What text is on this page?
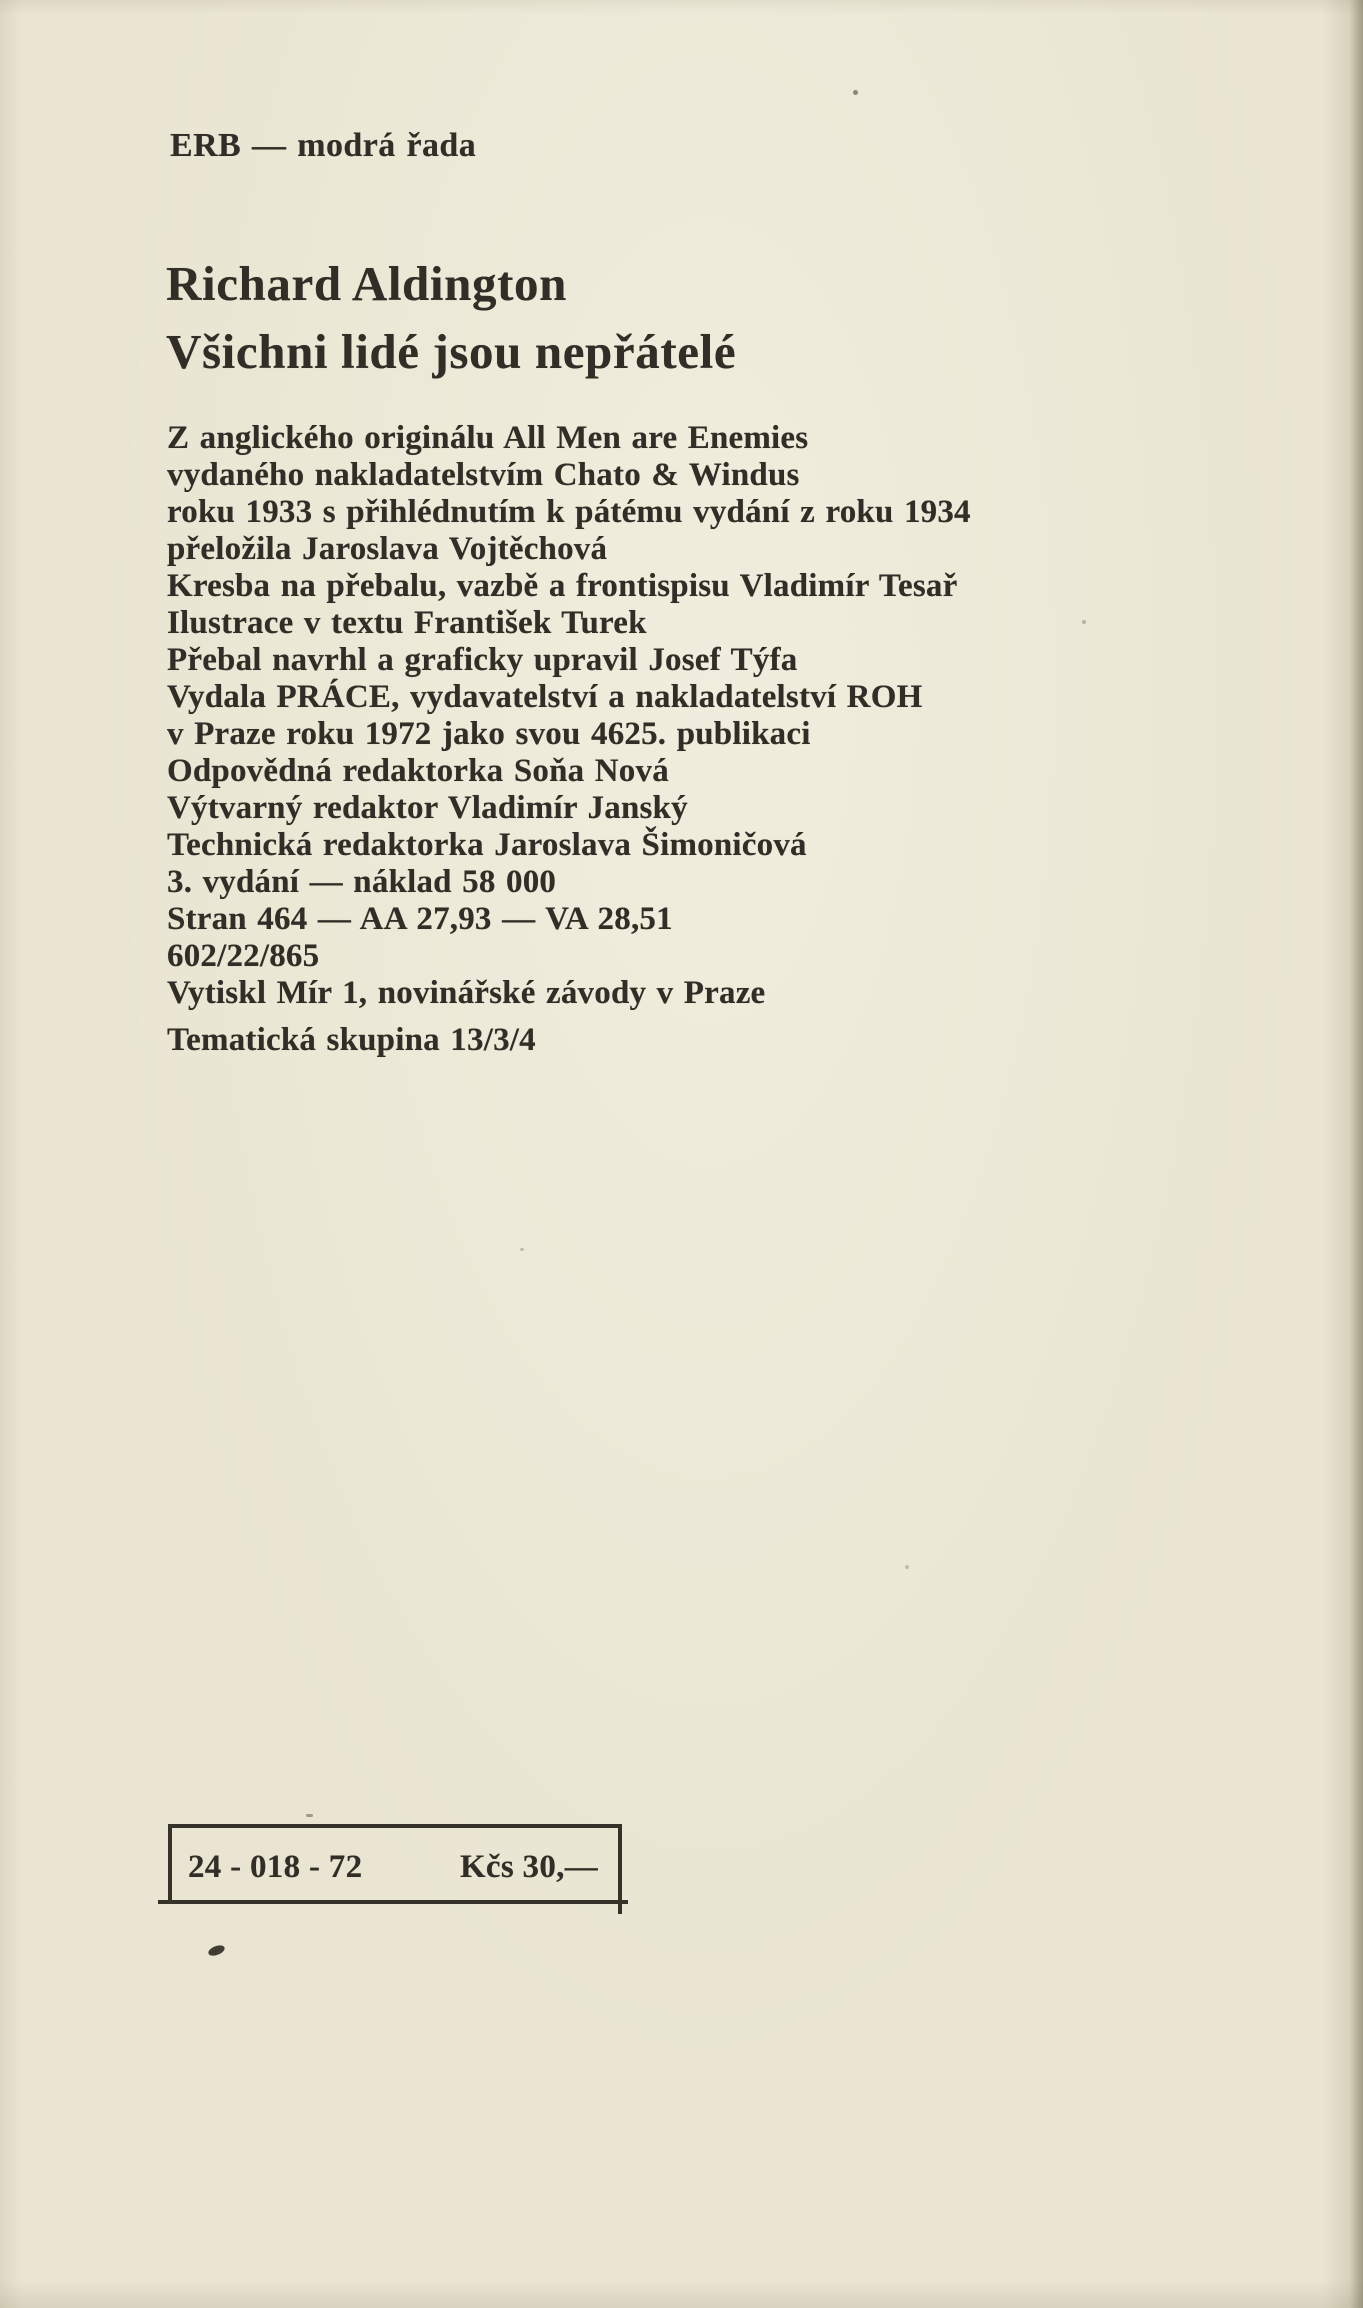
ERB — modrá řada
Richard Aldington
Všichni lidé jsou nepřátelé
Z anglického originálu All Men are Enemies
vydaného nakladatelstvím Chato & Windus
roku 1933 s přihlédnutím k pátému vydání z roku 1934
přeložila Jaroslava Vojtěchová
Kresba na přebalu, vazbě a frontispisu Vladimír Tesař
Ilustrace v textu František Turek
Přebal navrhl a graficky upravil Josef Týfa
Vydala PRÁCE, vydavatelství a nakladatelství ROH
v Praze roku 1972 jako svou 4625. publikaci
Odpovědná redaktorka Soňa Nová
Výtvarný redaktor Vladimír Janský
Technická redaktorka Jaroslava Šimoničová
3. vydání — náklad 58 000
Stran 464 — AA 27,93 — VA 28,51
602/22/865
Vytiskl Mír 1, novinářské závody v Praze
Tematická skupina 13/3/4
24 - 018 - 72	Kčs 30,—
